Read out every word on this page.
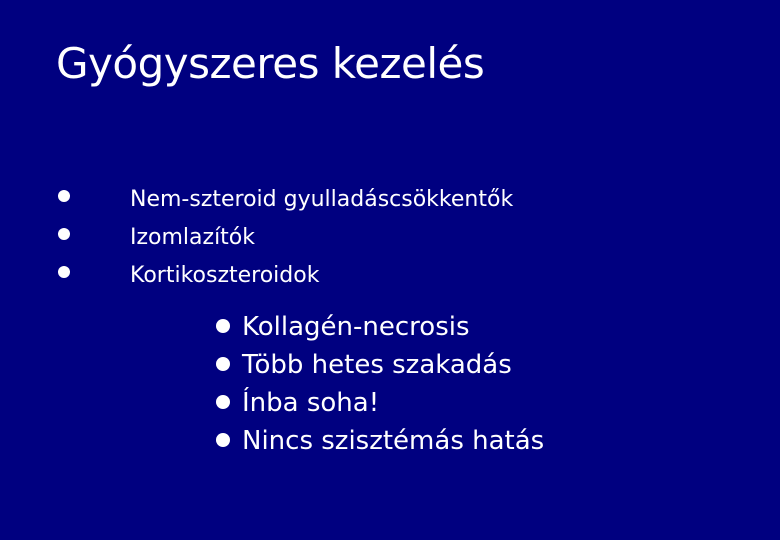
Gyógyszeres kezelés
Nem-szteroid gyulladáscsökkentők
Izomlazítók
Kortikoszteroidok
Kollagén-necrosis
Több hetes szakadás
Ínba soha!
Nincs szisztémás hatás
